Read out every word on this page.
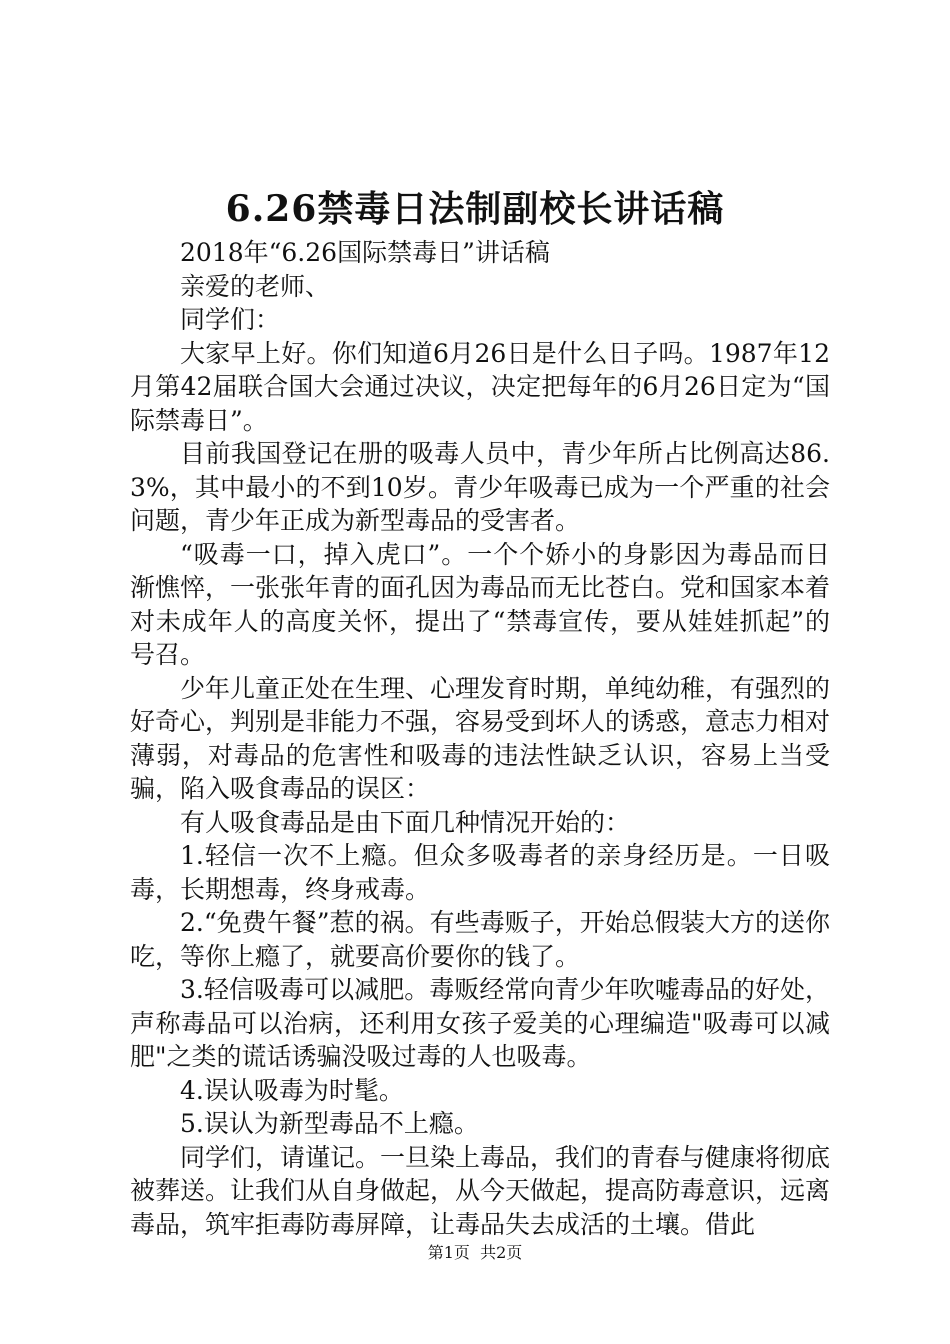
6.26禁毒日法制副校长讲话稿

2018年“6.26国际禁毒日”讲话稿

亲爱的老师、

同学们：

大家早上好。你们知道6月26日是什么日子吗。1987年12月第42届联合国大会通过决议，决定把每年的6月26日定为“国际禁毒日”。

目前我国登记在册的吸毒人员中，青少年所占比例高达86.3%，其中最小的不到10岁。青少年吸毒已成为一个严重的社会问题，青少年正成为新型毒品的受害者。

“吸毒一口，掉入虎口”。一个个娇小的身影因为毒品而日渐憔悴，一张张年青的面孔因为毒品而无比苍白。党和国家本着对未成年人的高度关怀，提出了“禁毒宣传，要从娃娃抓起”的号召。

少年儿童正处在生理、心理发育时期，单纯幼稚，有强烈的好奇心，判别是非能力不强，容易受到坏人的诱惑，意志力相对薄弱，对毒品的危害性和吸毒的违法性缺乏认识，容易上当受骗，陷入吸食毒品的误区：

有人吸食毒品是由下面几种情况开始的：

1.轻信一次不上瘾。但众多吸毒者的亲身经历是。一日吸毒，长期想毒，终身戒毒。

2.“免费午餐”惹的祸。有些毒贩子，开始总假装大方的送你吃，等你上瘾了，就要高价要你的钱了。

3.轻信吸毒可以减肥。毒贩经常向青少年吹嘘毒品的好处，声称毒品可以治病，还利用女孩子爱美的心理编造"吸毒可以减肥"之类的谎话诱骗没吸过毒的人也吸毒。

4.误认吸毒为时髦。

5.误认为新型毒品不上瘾。

同学们，请谨记。一旦染上毒品，我们的青春与健康将彻底被葬送。让我们从自身做起，从今天做起，提高防毒意识，远离毒品，筑牢拒毒防毒屏障，让毒品失去成活的土壤。借此

第1页 共2页
